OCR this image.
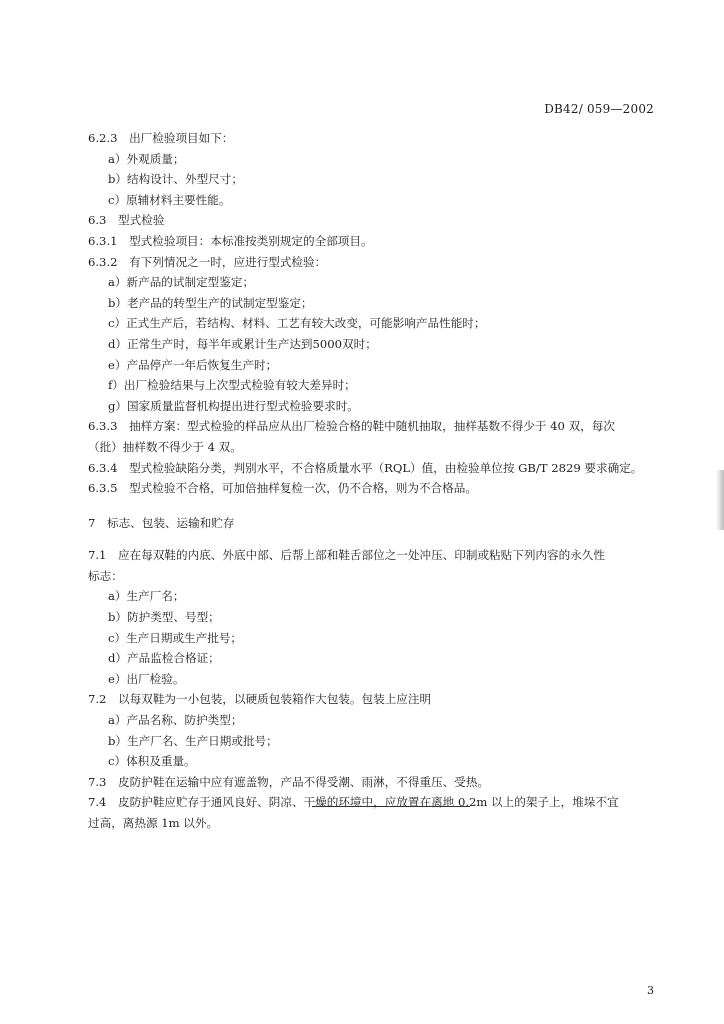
DB42/ 059—2002
6.2.3　出厂检验项目如下：
a）外观质量；
b）结构设计、外型尺寸；
c）原辅材料主要性能。
6.3　型式检验
6.3.1　型式检验项目：本标准按类别规定的全部项目。
6.3.2　有下列情况之一时，应进行型式检验：
a）新产品的试制定型鉴定；
b）老产品的转型生产的试制定型鉴定；
c）正式生产后，若结构、材料、工艺有较大改变，可能影响产品性能时；
d）正常生产时，每半年或累计生产达到5000双时；
e）产品停产一年后恢复生产时；
f）出厂检验结果与上次型式检验有较大差异时；
g）国家质量监督机构提出进行型式检验要求时。
6.3.3　抽样方案：型式检验的样品应从出厂检验合格的鞋中随机抽取，抽样基数不得少于 40 双，每次
（批）抽样数不得少于 4 双。
6.3.4　型式检验缺陷分类，判别水平，不合格质量水平（RQL）值，由检验单位按 GB/T 2829 要求确定。
6.3.5　型式检验不合格，可加倍抽样复检一次，仍不合格，则为不合格品。
7　标志、包装、运输和贮存
7.1　应在每双鞋的内底、外底中部、后帮上部和鞋舌部位之一处冲压、印制或粘贴下列内容的永久性
标志：
a）生产厂名；
b）防护类型、号型；
c）生产日期或生产批号；
d）产品监检合格证；
e）出厂检验。
7.2　以每双鞋为一小包装，以硬质包装箱作大包装。包装上应注明
a）产品名称、防护类型；
b）生产厂名、生产日期或批号；
c）体积及重量。
7.3　皮防护鞋在运输中应有遮盖物，产品不得受潮、雨淋，不得重压、受热。
7.4　皮防护鞋应贮存于通风良好、阴凉、干燥的环境中，应放置在离地 0.2m 以上的架子上，堆垛不宜
过高，离热源 1m 以外。
3
